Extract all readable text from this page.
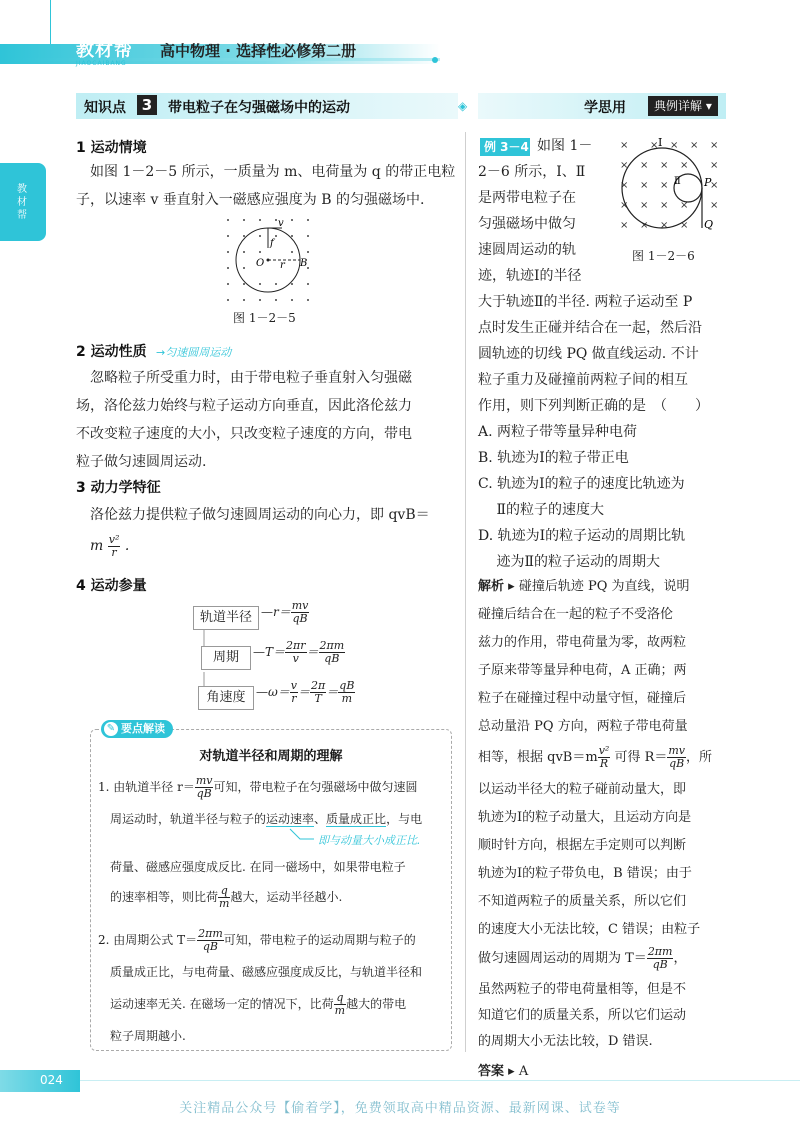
教材帮
JIAOCAIBANG
高中物理 · 选择性必修第二册
知识点	3	带电粒子在匀强磁场中的运动	◈	学思用	典例详解 ▾
教材帮
1 运动情境
如图 1－2－5 所示，一质量为 m、电荷量为 q 的带正电粒
子，以速率 v 垂直射入一磁感应强度为 B 的匀强磁场中.
v
f
O r B
图 1－2－5
2 运动性质 →匀速圆周运动
忽略粒子所受重力时，由于带电粒子垂直射入匀强磁
场，洛伦兹力始终与粒子运动方向垂直，因此洛伦兹力
不改变粒子速度的大小，只改变粒子速度的方向，带电
粒子做匀速圆周运动.
3 动力学特征
洛伦兹力提供粒子做匀速圆周运动的向心力，即 qvB＝
m $\frac{\text{v²}}{r}$ .
4 运动参量
轨道半径 —r＝ $\frac{mv}{qB}$
周期	—T＝ $\frac{2\pi r}{v} = \frac{2\pi m}{qB}$
角速度 —ω＝ $\frac{v}{r} = \frac{2\pi}{T} = \frac{qB}{m}$
要点解读
✎
对轨道半径和周期的理解
1. 由轨道半径 $r= \frac{mv}{qB}$ 可知，带电粒子在匀强磁场中做匀速圆
周运动时，轨道半径与粒子的运动速率、质量成正比，与电
即与动量大小成正比.
荷量、磁感应强度成反比. 在同一磁场中，如果带电粒子
的速率相等，则比荷 $\frac{q}{m}$ 越大，运动半径越小.
2. 由周期公式 $T= \frac{2\pi m}{qB}$ 可知，带电粒子的运动周期与粒子的
质量成正比，与电荷量、磁感应强度成反比，与轨道半径和
运动速率无关. 在磁场一定的情况下，比荷 $\frac{q}{m}$ 越大的带电
粒子周期越小.
例 3－4 如图 1－
2－6 所示，Ⅰ、Ⅱ
是两带电粒子在
匀强磁场中做匀
速圆周运动的轨
迹，轨迹Ⅰ的半径
× × × × ×
× × × × ×
× × ×	×
× × × × ×
× × × ×
Ⅰ
Ⅱ P
Q
图 1－2－6
大于轨迹Ⅱ的半径. 两粒子运动至 P
点时发生正碰并结合在一起，然后沿
圆轨迹的切线 PQ 做直线运动. 不计
粒子重力及碰撞前两粒子间的相互
作用，则下列判断正确的是　（　　）
A. 两粒子带等量异种电荷
B. 轨迹为Ⅰ的粒子带正电
C. 轨迹为Ⅰ的粒子的速度比轨迹为
　 Ⅱ的粒子的速度大
D. 轨迹为Ⅰ的粒子运动的周期比轨
　 迹为Ⅱ的粒子运动的周期大
解析 ▸ 碰撞后轨迹 PQ 为直线，说明
碰撞后结合在一起的粒子不受洛伦
兹力的作用，带电荷量为零，故两粒
子原来带等量异种电荷，A 正确；两
粒子在碰撞过程中动量守恒，碰撞后
总动量沿 PQ 方向，两粒子带电荷量
相等，根据 $qvB=m \frac{\text{v²}}{R}$ 可得 $R= \frac{mv}{qB}$ ，所
以运动半径大的粒子碰前动量大，即
轨迹为Ⅰ的粒子动量大，且运动方向是
顺时针方向，根据左手定则可以判断
轨迹为Ⅰ的粒子带负电，B 错误；由于
不知道两粒子的质量关系，所以它们
的速度大小无法比较，C 错误；由粒子
做匀速圆周运动的周期为 $T= \frac{2\pi m}{qB}$ ，
虽然两粒子的带电荷量相等，但是不
知道它们的质量关系，所以它们运动
的周期大小无法比较，D 错误.
答案 ▸ A
024
关注精品公众号【偷着学】，免费领取高中精品资源、最新网课、试卷等
